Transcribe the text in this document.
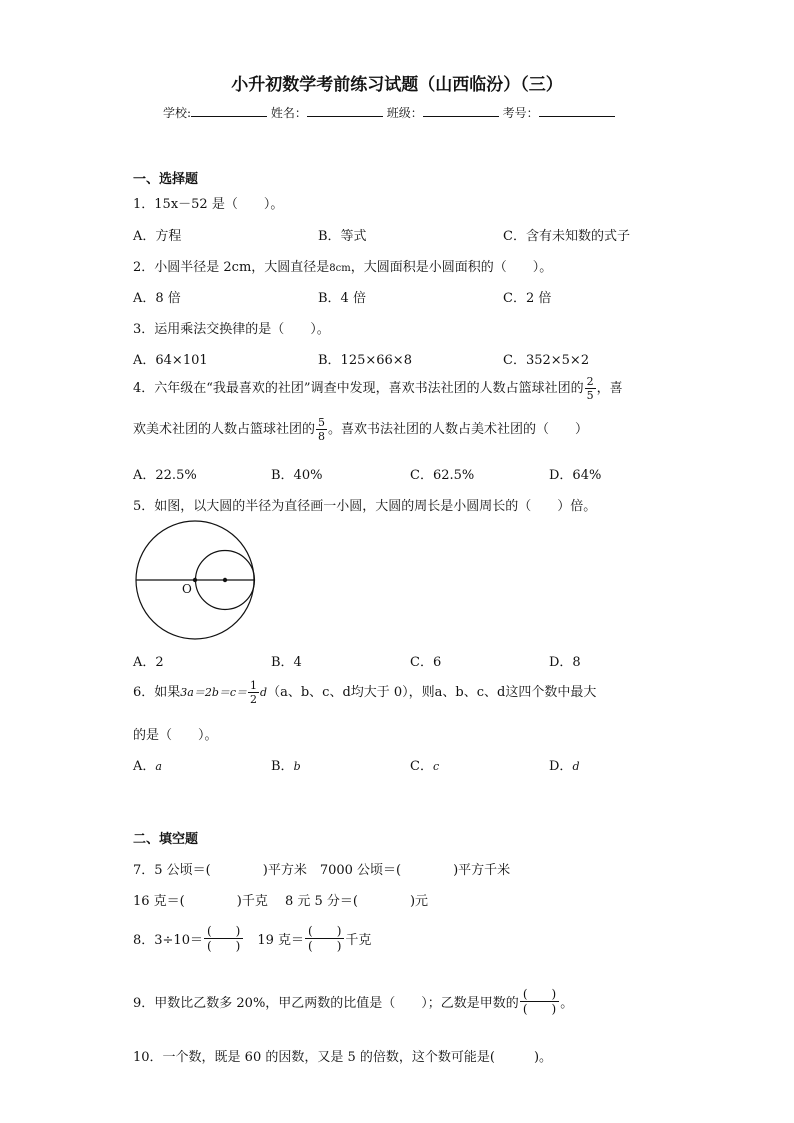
小升初数学考前练习试题（山西临汾）（三）
学校:	姓名：	班级：	考号：
一、选择题
1．15x－52 是（　　）。
A．方程	B．等式	C．含有未知数的式子
2．小圆半径是 2cm，大圆直径是8cm，大圆面积是小圆面积的（　　）。
A．8 倍	B．4 倍	C．2 倍
3．运用乘法交换律的是（　　）。
A．64×101	B．125×66×8	C．352×5×2
4．六年级在“我最喜欢的社团”调查中发现，喜欢书法社团的人数占篮球社团的 $\frac{2}{5}$ ，喜
欢美术社团的人数占篮球社团的 $\frac{5}{8}$ 。喜欢书法社团的人数占美术社团的（　　）
A．22.5%	B．40%	C．62.5%	D．64%
5．如图，以大圆的半径为直径画一小圆，大圆的周长是小圆周长的（　　）倍。
O
A．2	B．4	C．6	D．8
6．如果$3a=2b=c= \frac{1}{2} d(a$、b、c、d均大于 0），则a、b、c、d这四个数中最大
的是（　　）。
A．a	B．b	C．c	D．d
二、填空题
7．5 公顷＝(　　　　)平方米　7000 公顷＝(　　　　)平方千米
16 克＝(　　　　)千克　 8 元 5 分＝(　　　　)元
8．$3\div 10= \frac{( )}{( )}$ 　19 克＝ $\frac{( )}{( )}$ 千克
9．甲数比乙数多 20%，甲乙两数的比值是（　　）；乙数是甲数的 $\frac{( )}{( )}$ 。
10．一个数，既是 60 的因数，又是 5 的倍数，这个数可能是(　　　)。
